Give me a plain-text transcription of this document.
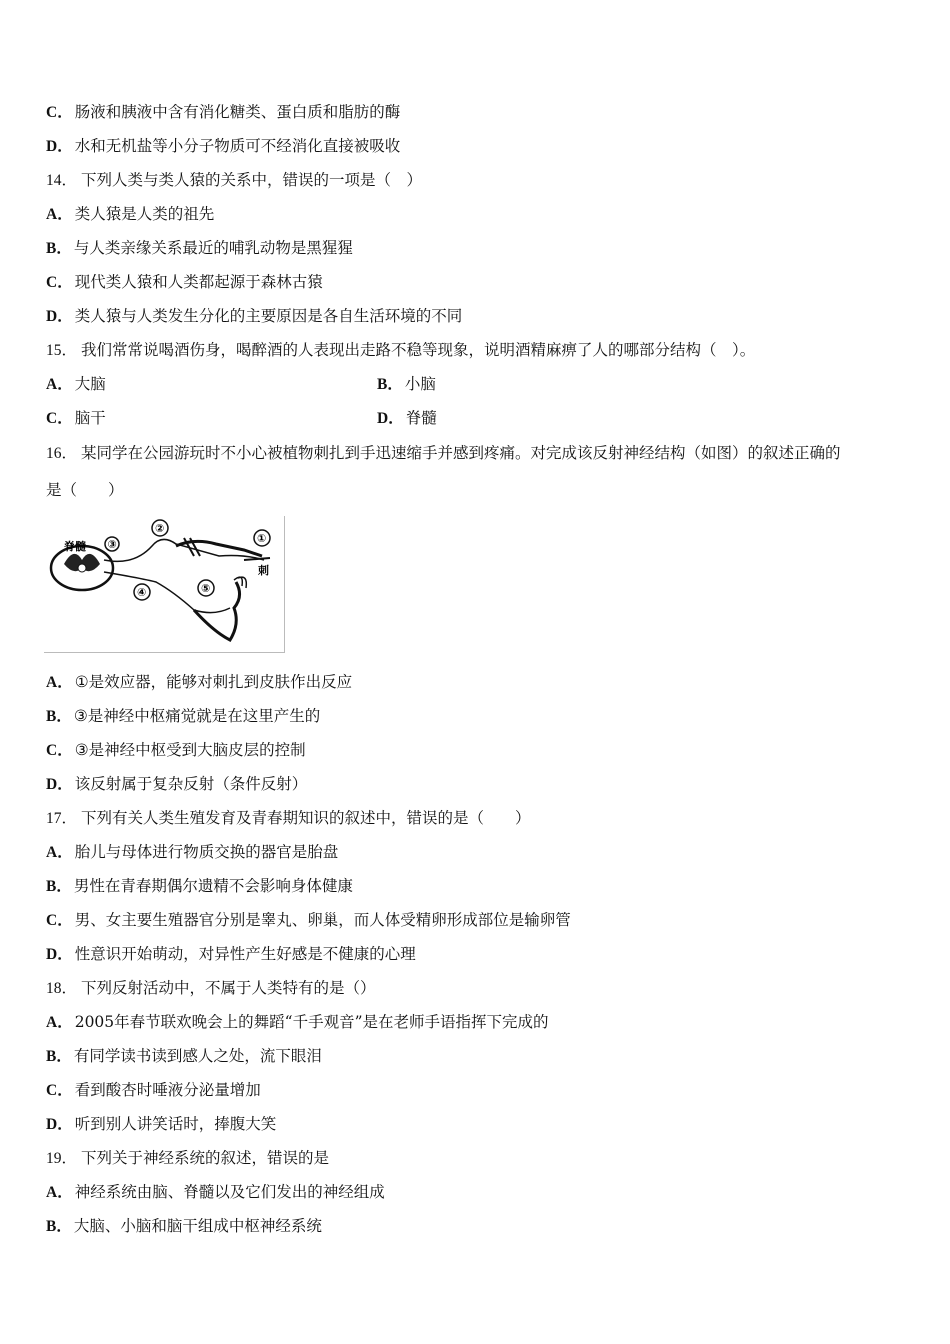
C． 肠液和胰液中含有消化糖类、蛋白质和脂肪的酶
D． 水和无机盐等小分子物质可不经消化直接被吸收
14． 下列人类与类人猿的关系中，错误的一项是（　）
A． 类人猿是人类的祖先
B． 与人类亲缘关系最近的哺乳动物是黑猩猩
C． 现代类人猿和人类都起源于森林古猿
D． 类人猿与人类发生分化的主要原因是各自生活环境的不同
15． 我们常常说喝酒伤身，喝醉酒的人表现出走路不稳等现象，说明酒精麻痹了人的哪部分结构（　）。
A． 大脑	B． 小脑
C． 脑干	D． 脊髓
16． 某同学在公园游玩时不小心被植物刺扎到手迅速缩手并感到疼痛。对完成该反射神经结构（如图）的叙述正确的
是（　　）
脊髓 ③
②
①
刺
④	⑤
A． ①是效应器，能够对刺扎到皮肤作出反应
B． ③是神经中枢痛觉就是在这里产生的
C． ③是神经中枢受到大脑皮层的控制
D． 该反射属于复杂反射（条件反射）
17． 下列有关人类生殖发育及青春期知识的叙述中，错误的是（　　）
A． 胎儿与母体进行物质交换的器官是胎盘
B． 男性在青春期偶尔遗精不会影响身体健康
C． 男、女主要生殖器官分别是睾丸、卵巢，而人体受精卵形成部位是输卵管
D． 性意识开始萌动，对异性产生好感是不健康的心理
18． 下列反射活动中，不属于人类特有的是（）
A． 2005年春节联欢晚会上的舞蹈“千手观音”是在老师手语指挥下完成的
B． 有同学读书读到感人之处，流下眼泪
C． 看到酸杏时唾液分泌量增加
D． 听到别人讲笑话时，捧腹大笑
19． 下列关于神经系统的叙述，错误的是
A． 神经系统由脑、脊髓以及它们发出的神经组成
B． 大脑、小脑和脑干组成中枢神经系统
